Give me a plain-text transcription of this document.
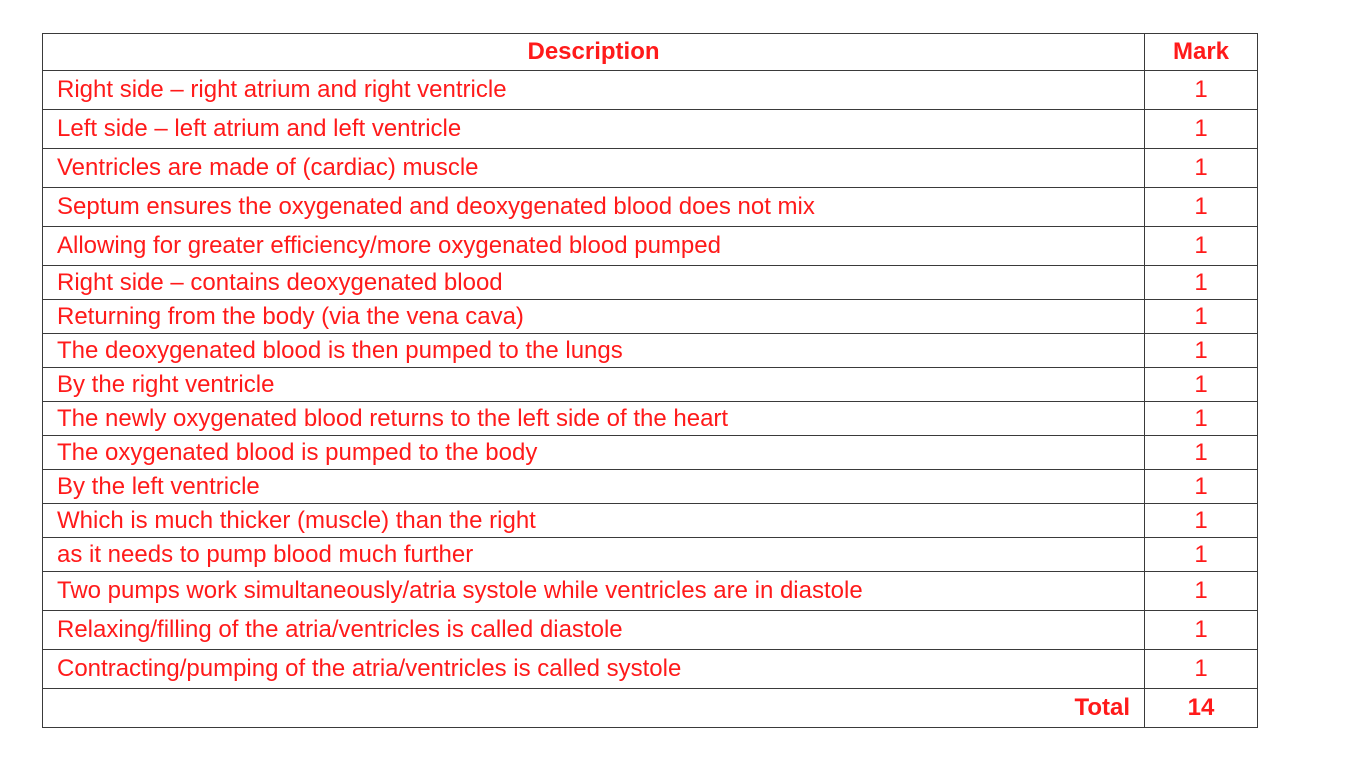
Description	Mark
Right side – right atrium and right ventricle	1
Left side – left atrium and left ventricle	1
Ventricles are made of (cardiac) muscle	1
Septum ensures the oxygenated and deoxygenated blood does not mix	1
Allowing for greater efficiency/more oxygenated blood pumped	1
Right side – contains deoxygenated blood	1
Returning from the body (via the vena cava)	1
The deoxygenated blood is then pumped to the lungs	1
By the right ventricle	1
The newly oxygenated blood returns to the left side of the heart	1
The oxygenated blood is pumped to the body	1
By the left ventricle	1
Which is much thicker (muscle) than the right	1
as it needs to pump blood much further	1
Two pumps work simultaneously/atria systole while ventricles are in diastole	1
Relaxing/filling of the atria/ventricles is called diastole	1
Contracting/pumping of the atria/ventricles is called systole	1
Total	14
